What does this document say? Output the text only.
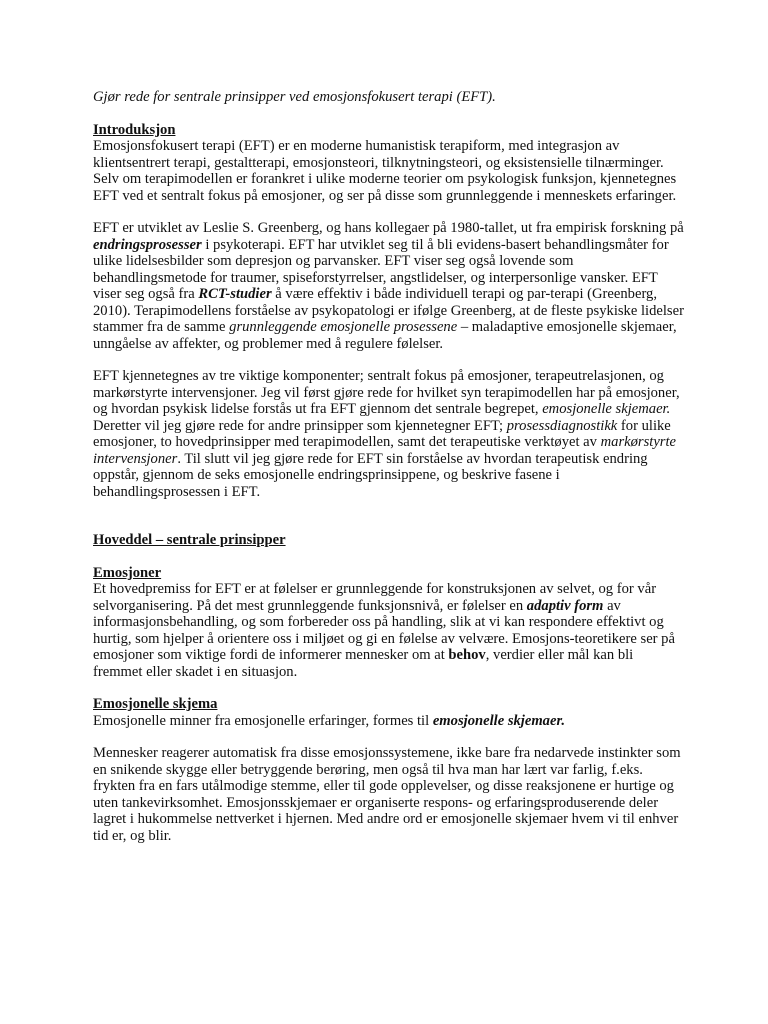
Gjør rede for sentrale prinsipper ved emosjonsfokusert terapi (EFT).

Introduksjon

Emosjonsfokusert terapi (EFT) er en moderne humanistisk terapiform, med integrasjon av klientsentrert terapi, gestaltterapi, emosjonsteori, tilknytningsteori, og eksistensielle tilnærminger. Selv om terapimodellen er forankret i ulike moderne teorier om psykologisk funksjon, kjennetegnes EFT ved et sentralt fokus på emosjoner, og ser på disse som grunnleggende i menneskets erfaringer.

EFT er utviklet av Leslie S. Greenberg, og hans kollegaer på 1980-tallet, ut fra empirisk forskning på endringsprosesser i psykoterapi. EFT har utviklet seg til å bli evidens-basert behandlingsmåter for ulike lidelsesbilder som depresjon og parvansker. EFT viser seg også lovende som behandlingsmetode for traumer, spiseforstyrrelser, angstlidelser, og interpersonlige vansker. EFT viser seg også fra RCT-studier å være effektiv i både individuell terapi og par-terapi (Greenberg, 2010). Terapimodellens forståelse av psykopatologi er ifølge Greenberg, at de fleste psykiske lidelser stammer fra de samme grunnleggende emosjonelle prosessene – maladaptive emosjonelle skjemaer, unngåelse av affekter, og problemer med å regulere følelser.

EFT kjennetegnes av tre viktige komponenter; sentralt fokus på emosjoner, terapeutrelasjonen, og markørstyrte intervensjoner. Jeg vil først gjøre rede for hvilket syn terapimodellen har på emosjoner, og hvordan psykisk lidelse forstås ut fra EFT gjennom det sentrale begrepet, emosjonelle skjemaer. Deretter vil jeg gjøre rede for andre prinsipper som kjennetegner EFT; prosessdiagnostikk for ulike emosjoner, to hovedprinsipper med terapimodellen, samt det terapeutiske verktøyet av markørstyrte intervensjoner. Til slutt vil jeg gjøre rede for EFT sin forståelse av hvordan terapeutisk endring oppstår, gjennom de seks emosjonelle endringsprinsippene, og beskrive fasene i behandlingsprosessen i EFT.

Hoveddel – sentrale prinsipper

Emosjoner

Et hovedpremiss for EFT er at følelser er grunnleggende for konstruksjonen av selvet, og for vår selvorganisering. På det mest grunnleggende funksjonsnivå, er følelser en adaptiv form av informasjonsbehandling, og som forbereder oss på handling, slik at vi kan respondere effektivt og hurtig, som hjelper å orientere oss i miljøet og gi en følelse av velvære. Emosjons-teoretikere ser på emosjoner som viktige fordi de informerer mennesker om at behov, verdier eller mål kan bli fremmet eller skadet i en situasjon.

Emosjonelle skjema

Emosjonelle minner fra emosjonelle erfaringer, formes til emosjonelle skjemaer.

Mennesker reagerer automatisk fra disse emosjonssystemene, ikke bare fra nedarvede instinkter som en snikende skygge eller betryggende berøring, men også til hva man har lært var farlig, f.eks. frykten fra en fars utålmodige stemme, eller til gode opplevelser, og disse reaksjonene er hurtige og uten tankevirksomhet. Emosjonsskjemaer er organiserte respons- og erfaringsproduserende deler lagret i hukommelse nettverket i hjernen. Med andre ord er emosjonelle skjemaer hvem vi til enhver tid er, og blir.
